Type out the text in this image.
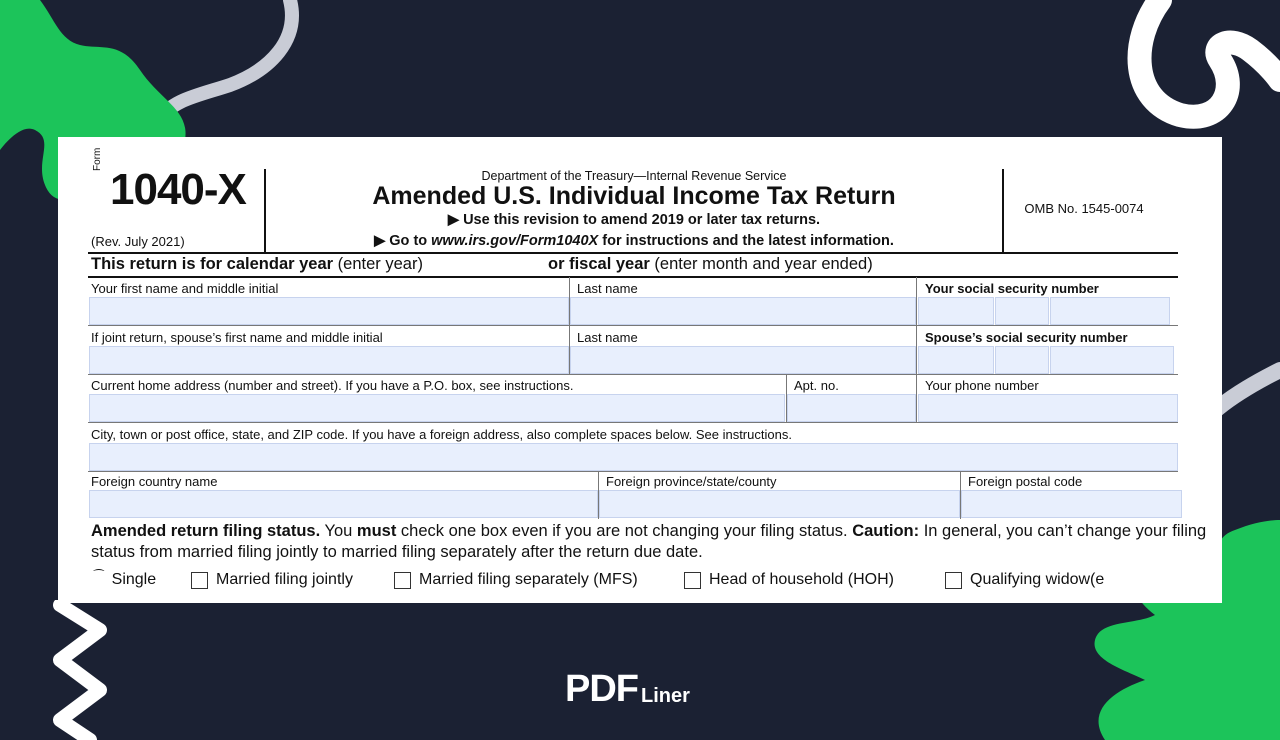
Form
1040-X
(Rev. July 2021)
Department of the Treasury—Internal Revenue Service
Amended U.S. Individual Income Tax Return
▶ Use this revision to amend 2019 or later tax returns.
▶ Go to www.irs.gov/Form1040X for instructions and the latest information.
OMB No. 1545-0074
This return is for calendar year (enter year)	or fiscal year (enter month and year ended)
Your first name and middle initial	Last name	Your social security number
If joint return, spouse’s first name and middle initial	Last name	Spouse’s social security number
Current home address (number and street). If you have a P.O. box, see instructions.	Apt. no.	Your phone number
City, town or post office, state, and ZIP code. If you have a foreign address, also complete spaces below. See instructions.
Foreign country name	Foreign province/state/county	Foreign postal code
Amended return filing status. You must check one box even if you are not changing your filing status. Caution: In general, you can’t change your filing status from married filing jointly to married filing separately after the return due date.
⁀ Single	Married filing jointly	Married filing separately (MFS)	Head of household (HOH)	Qualifying widow(e
PDF Liner
